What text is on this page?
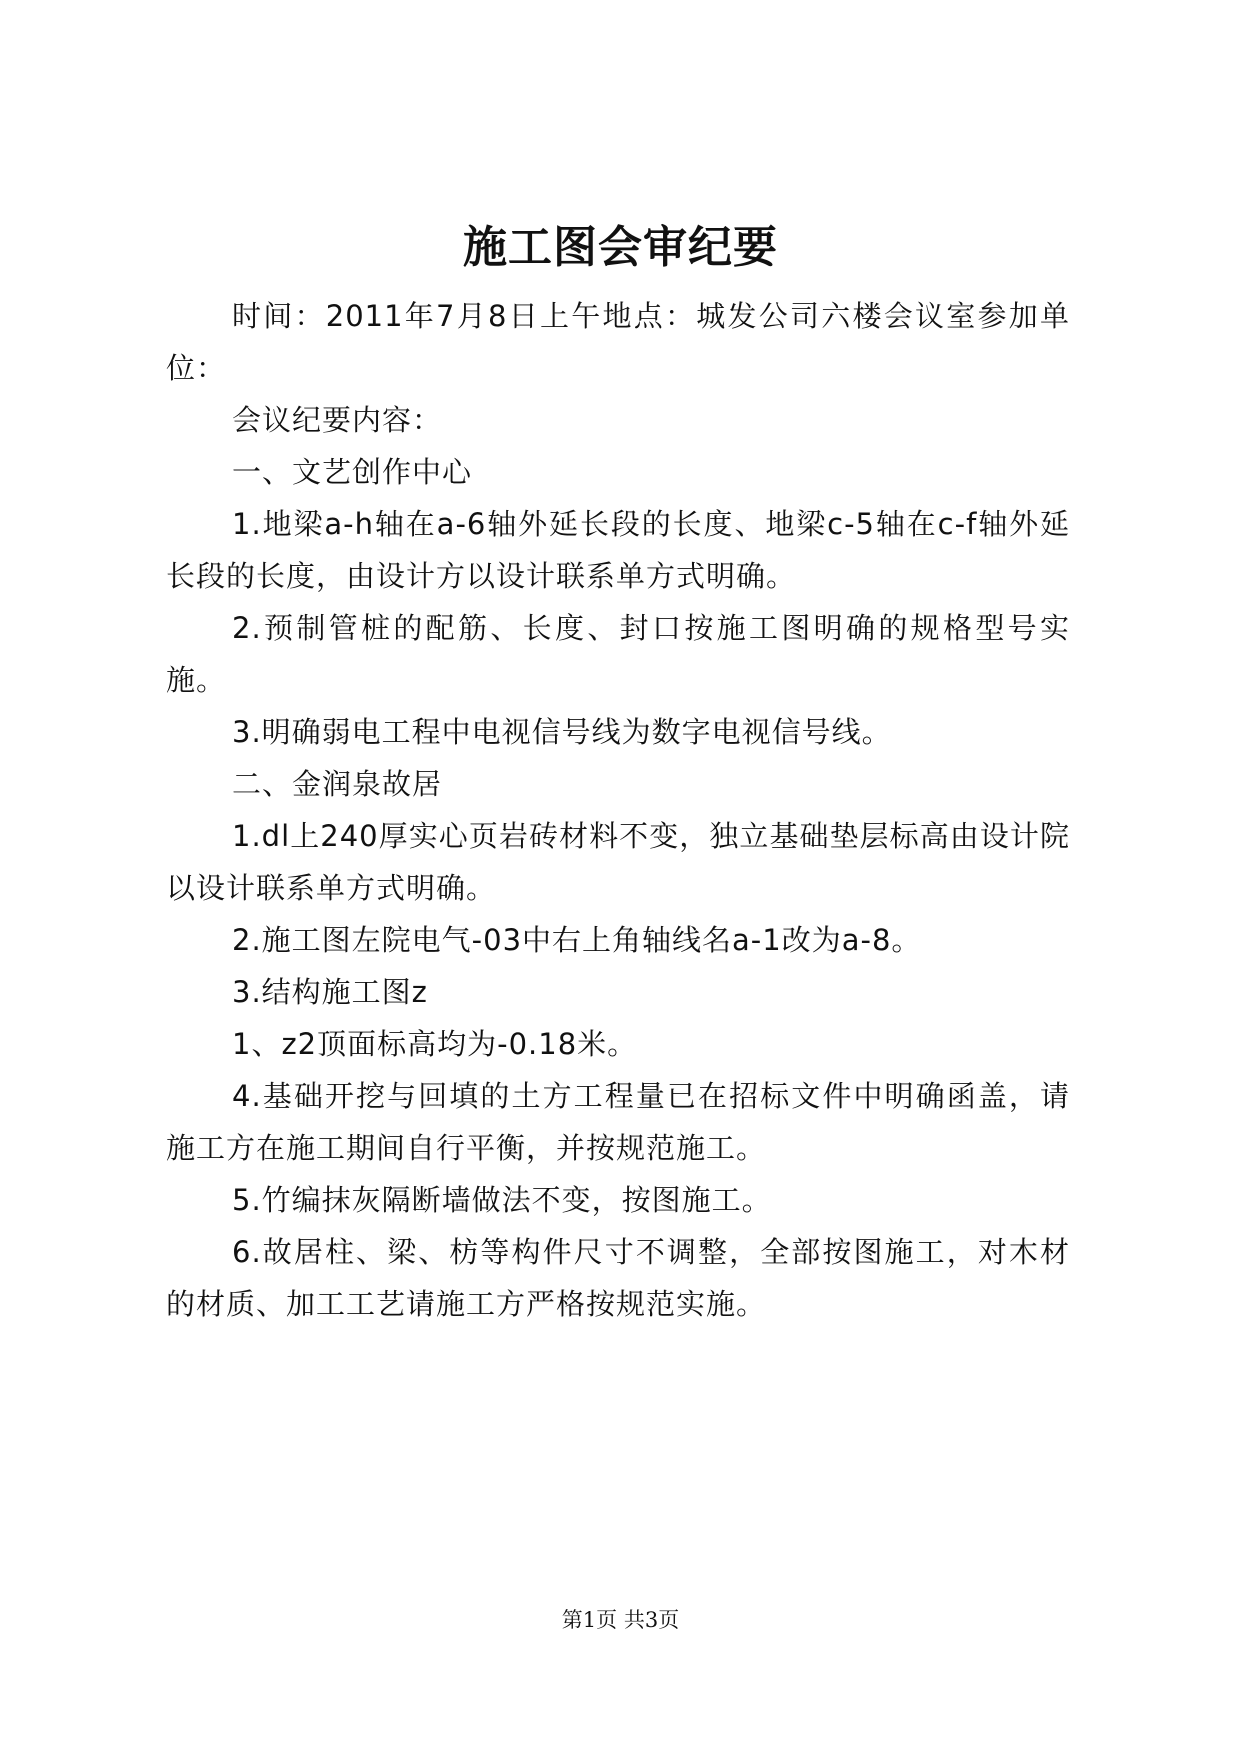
施工图会审纪要

时间：2011年7月8日上午地点：城发公司六楼会议室参加单位：

会议纪要内容：

一、文艺创作中心

1.地梁a-h轴在a-6轴外延长段的长度、地梁c-5轴在c-f轴外延长段的长度，由设计方以设计联系单方式明确。

2.预制管桩的配筋、长度、封口按施工图明确的规格型号实施。

3.明确弱电工程中电视信号线为数字电视信号线。

二、金润泉故居

1.dl上240厚实心页岩砖材料不变，独立基础垫层标高由设计院以设计联系单方式明确。

2.施工图左院电气-03中右上角轴线名a-1改为a-8。

3.结构施工图z

1、z2顶面标高均为-0.18米。

4.基础开挖与回填的土方工程量已在招标文件中明确函盖，请施工方在施工期间自行平衡，并按规范施工。

5.竹编抹灰隔断墙做法不变，按图施工。

6.故居柱、梁、枋等构件尺寸不调整，全部按图施工，对木材的材质、加工工艺请施工方严格按规范实施。

第1页 共3页
